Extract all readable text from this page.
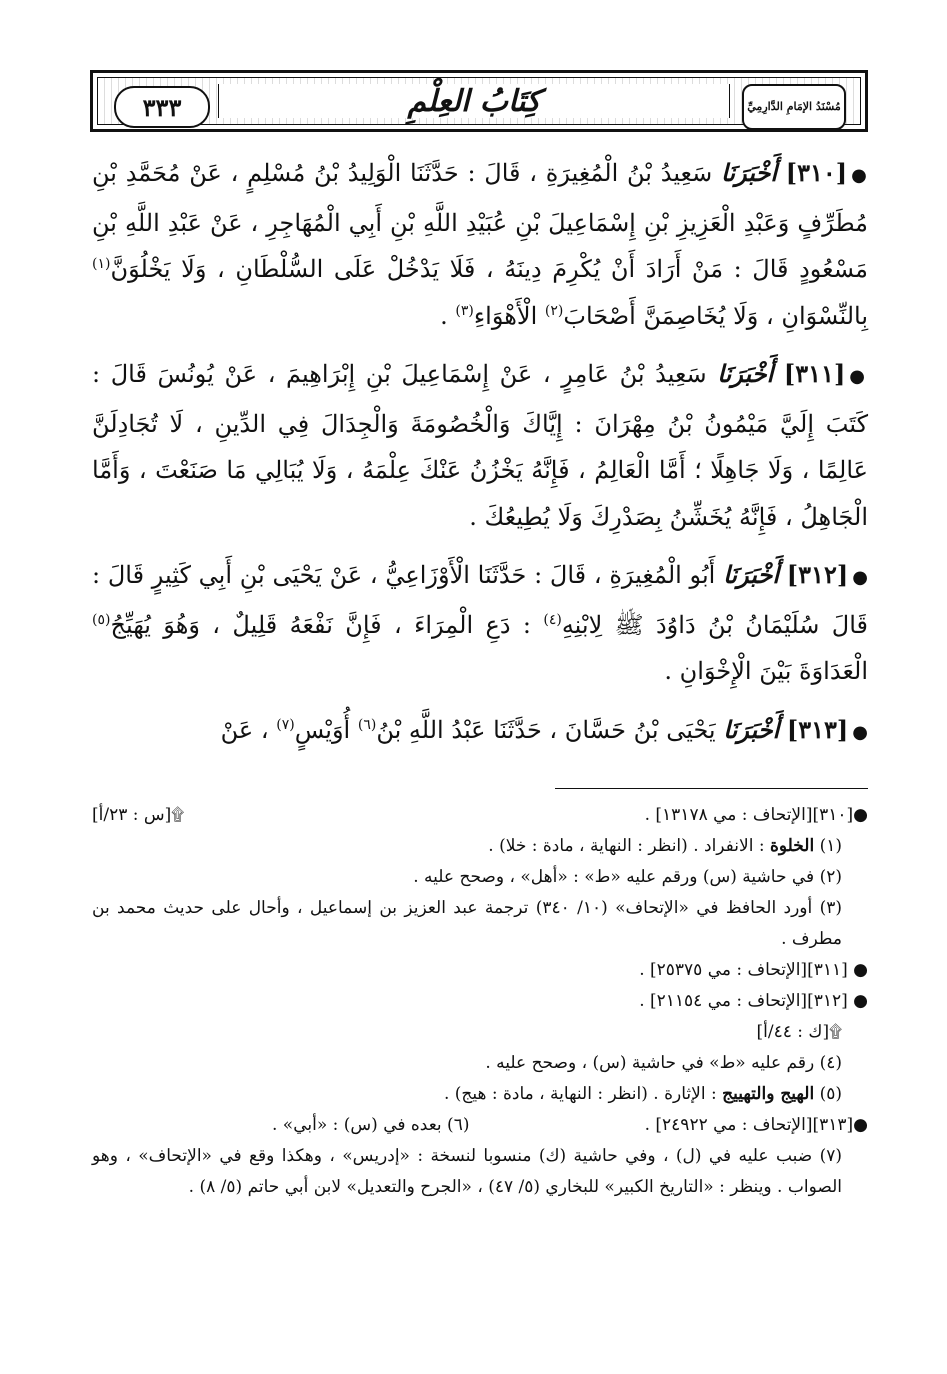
٣٣٣	كِتَابُ العِلْمِ	مُسْنَدُ الإمَامِ الدَّارِمِيِّ

●[٣١٠] أَخْبَرَنَا سَعِيدُ بْنُ الْمُغِيرَةِ ، قَالَ : حَدَّثَنَا الْوَلِيدُ بْنُ مُسْلِمٍ ، عَنْ مُحَمَّدِ بْنِ مُطَرِّفٍ وَعَبْدِ الْعَزِيزِ بْنِ إِسْمَاعِيلَ بْنِ عُبَيْدِ اللَّهِ بْنِ أَبِي الْمُهَاجِرِ ، عَنْ عَبْدِ اللَّهِ بْنِ مَسْعُودٍ قَالَ : مَنْ أَرَادَ أَنْ يُكْرِمَ دِينَهُ ، فَلَا يَدْخُلْ عَلَى السُّلْطَانِ ، وَلَا يَخْلُوَنَّ$^{(١)}$ بِالنِّسْوَانِ ، وَلَا يُخَاصِمَنَّ أَصْحَابَ$^{(٢)}$ الْأَهْوَاءِ$^{(٣)}$ .

●[٣١١] أَخْبَرَنَا سَعِيدُ بْنُ عَامِرٍ ، عَنْ إِسْمَاعِيلَ بْنِ إِبْرَاهِيمَ ، عَنْ يُونُسَ قَالَ : كَتَبَ إِلَيَّ مَيْمُونُ بْنُ مِهْرَانَ : إِيَّاكَ وَالْخُصُومَةَ وَالْجِدَالَ فِي الدِّينِ ، لَا تُجَادِلَنَّ عَالِمًا ، وَلَا جَاهِلًا ؛ أَمَّا الْعَالِمُ ، فَإِنَّهُ يَخْزُنُ عَنْكَ عِلْمَهُ ، وَلَا يُبَالِي مَا صَنَعْتَ ، وَأَمَّا الْجَاهِلُ ، فَإِنَّهُ يُخَشِّنُ بِصَدْرِكَ وَلَا يُطِيعُكَ .

●[٣١٢] أَخْبَرَنَا أَبُو الْمُغِيرَةِ ، قَالَ : حَدَّثَنَا الْأَوْزَاعِيُّ ، عَنْ يَحْيَى بْنِ أَبِي كَثِيرٍ قَالَ : قَالَ سُلَيْمَانُ بْنُ دَاوُدَ ﷺ لِابْنِهِ$^{(٤)}$ : دَعِ الْمِرَاءَ ، فَإِنَّ نَفْعَهُ قَلِيلٌ ، وَهُوَ يُهَيِّجُ$^{(٥)}$ الْعَدَاوَةَ بَيْنَ الْإِخْوَانِ .

●[٣١٣] أَخْبَرَنَا يَحْيَى بْنُ حَسَّانَ ، حَدَّثَنَا عَبْدُ اللَّهِ بْنُ$^{(٦)}$ أُوَيْسٍ$^{(٧)}$ ، عَنْ

●[٣١٠][الإتحاف : مي ١٣١٧٨] .
۩[س : ٢٣/أ]

(١) الخلوة : الانفراد . (انظر : النهاية ، مادة : خلا) .

(٢) في حاشية (س) ورقم عليه «ط» : «أهل» ، وصحح عليه .

(٣) أورد الحافظ في «الإتحاف» (١٠/ ٣٤٠) ترجمة عبد العزيز بن إسماعيل ، وأحال على حديث محمد بن مطرف .

● [٣١١][الإتحاف : مي ٢٥٣٧٥] .

● [٣١٢][الإتحاف : مي ٢١١٥٤] .

۩[ك : ٤٤/أ]

(٤) رقم عليه «ط» في حاشية (س) ، وصحح عليه .

(٥) الهيج والتهييج : الإثارة . (انظر : النهاية ، مادة : هيج) .

●[٣١٣][الإتحاف : مي ٢٤٩٢٢] .
(٦) بعده في (س) : «أبي» .

(٧) ضبب عليه في (ل) ، وفي حاشية (ك) منسوبا لنسخة : «إدريس» ، وهكذا وقع في «الإتحاف» ، وهو الصواب . وينظر : «التاريخ الكبير» للبخاري (٥/ ٤٧) ، «الجرح والتعديل» لابن أبي حاتم (٥/ ٨) .
